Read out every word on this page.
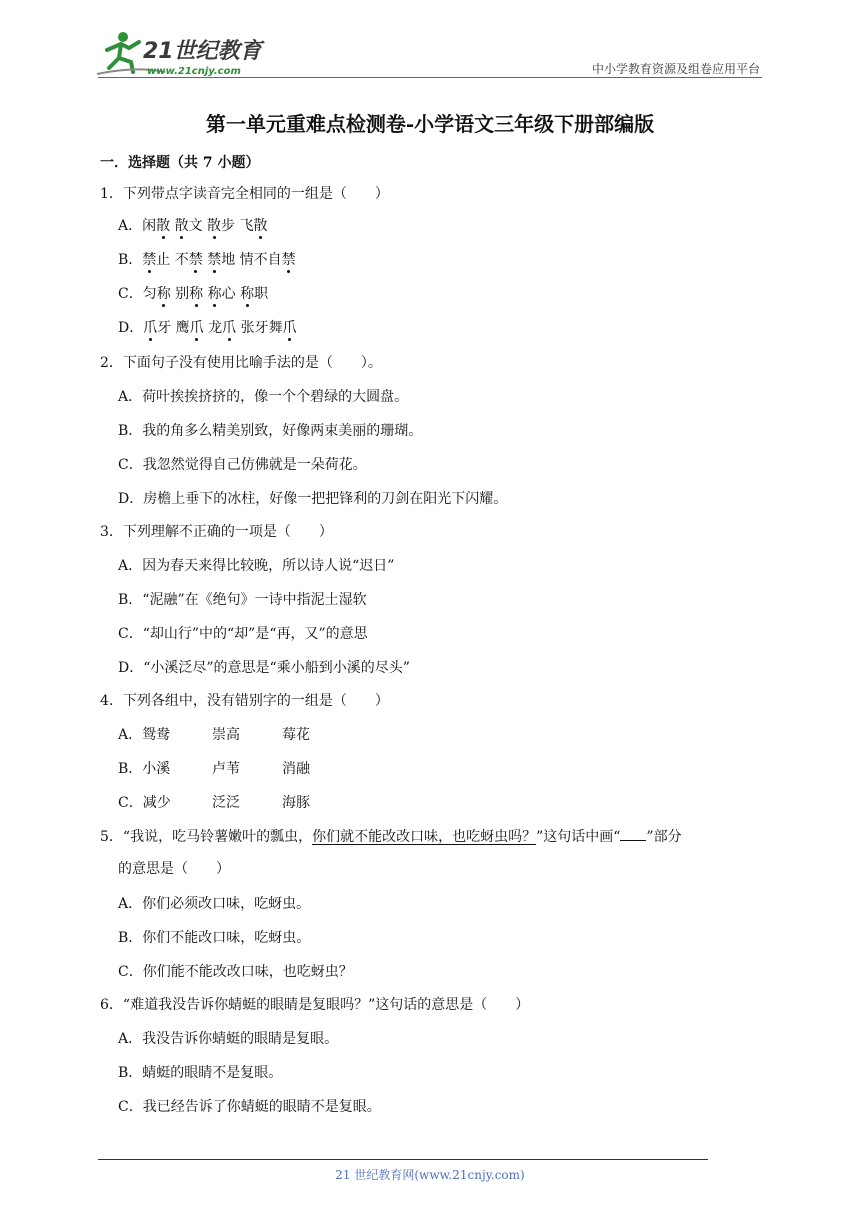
21世纪教育
www.21cnjy.com	中小学教育资源及组卷应用平台
第一单元重难点检测卷-小学语文三年级下册部编版
一．选择题（共 7 小题）
1．下列带点字读音完全相同的一组是（　　）
A．闲散 散文 散步 飞散
B．禁止 不禁 禁地 情不自禁
C．匀称 别称 称心 称职
D．爪牙 鹰爪 龙爪 张牙舞爪
2．下面句子没有使用比喻手法的是（　　）。
A．荷叶挨挨挤挤的，像一个个碧绿的大圆盘。
B．我的角多么精美别致，好像两束美丽的珊瑚。
C．我忽然觉得自己仿佛就是一朵荷花。
D．房檐上垂下的冰柱，好像一把把锋利的刀剑在阳光下闪耀。
3．下列理解不正确的一项是（　　）
A．因为春天来得比较晚，所以诗人说“迟日”
B．“泥融”在《绝句》一诗中指泥土湿软
C．“却山行”中的“却”是“再，又”的意思
D．“小溪泛尽”的意思是“乘小船到小溪的尽头”
4．下列各组中，没有错别字的一组是（　　）
A．鸳鸯	崇高	莓花
B．小溪	卢苇	消融
C．减少	泛泛	海豚
5．“我说，吃马铃薯嫩叶的瓢虫，你们就不能改改口味，也吃蚜虫吗？”这句话中画“ ”部分
的意思是（　　）
A．你们必须改口味，吃蚜虫。
B．你们不能改口味，吃蚜虫。
C．你们能不能改改口味，也吃蚜虫？
6．“难道我没告诉你蜻蜓的眼睛是复眼吗？”这句话的意思是（　　）
A．我没告诉你蜻蜓的眼睛是复眼。
B．蜻蜓的眼睛不是复眼。
C．我已经告诉了你蜻蜓的眼睛不是复眼。
21 世纪教育网(www.21cnjy.com)
